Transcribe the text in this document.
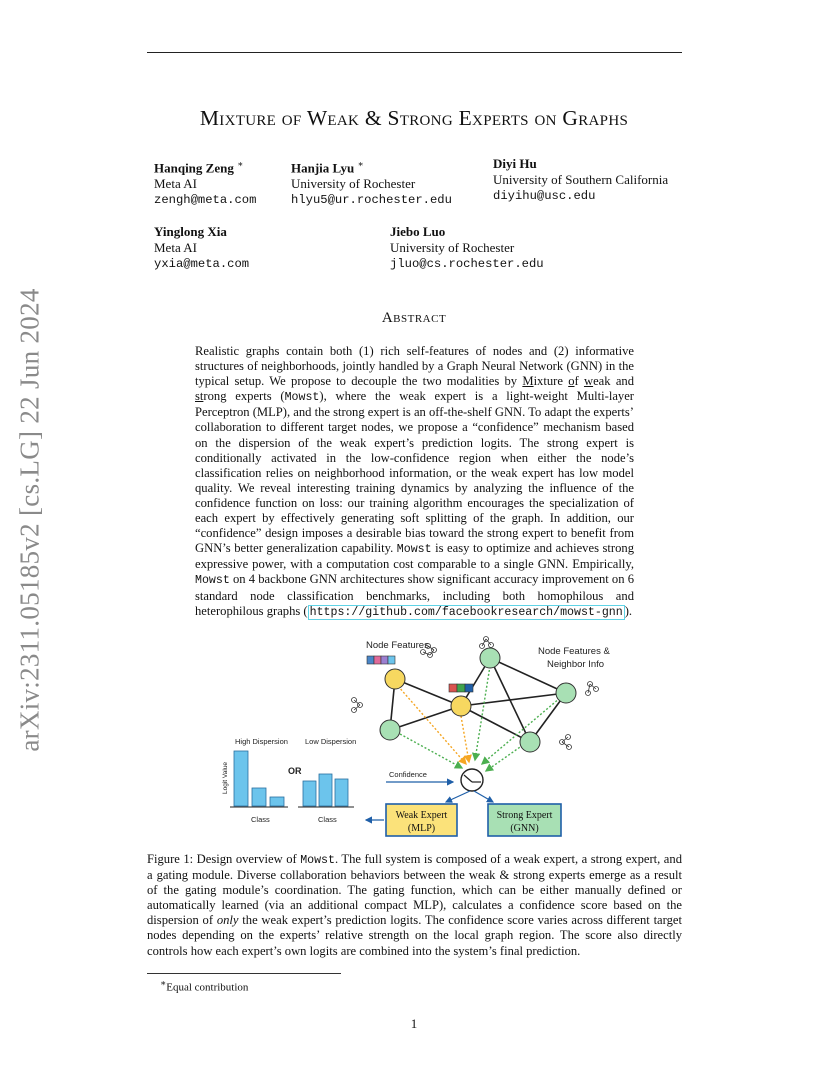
Mixture of Weak & Strong Experts on Graphs
Hanqing Zeng ∗
Meta AI
zengh@meta.com
Hanjia Lyu ∗
University of Rochester
hlyu5@ur.rochester.edu
Diyi Hu
University of Southern California
diyihu@usc.edu
Yinglong Xia
Meta AI
yxia@meta.com
Jiebo Luo
University of Rochester
jluo@cs.rochester.edu
arXiv:2311.05185v2 [cs.LG] 22 Jun 2024	Abstract
Realistic graphs contain both (1) rich self-features of nodes and (2) informative structures of neighborhoods, jointly handled by a Graph Neural Network (GNN) in the typical setup. We propose to decouple the two modalities by Mixture of weak and strong experts (Mowst), where the weak expert is a light-weight Multi-layer Perceptron (MLP), and the strong expert is an off-the-shelf GNN. To adapt the experts’ collaboration to different target nodes, we propose a “confidence” mechanism based on the dispersion of the weak expert’s prediction logits. The strong expert is conditionally activated in the low-confidence region when either the node’s classification relies on neighborhood information, or the weak expert has low model quality. We reveal interesting training dynamics by analyzing the influence of the confidence function on loss: our training algorithm encourages the specialization of each expert by effectively generating soft splitting of the graph. In addition, our “confidence” design imposes a desirable bias toward the strong expert to benefit from GNN’s better generalization capability. Mowst is easy to optimize and achieves strong expressive power, with a computation cost comparable to a single GNN. Empirically, Mowst on 4 backbone GNN architectures show significant accuracy improvement on 6 standard node classification benchmarks, including both homophilous and heterophilous graphs ( https://github.com/facebookresearch/mowst-gnn ).
Node Features
Node Features &
Neighbor Info
High Dispersion Low Dispersion
Logit Value	OR
Class	Class
Confidence
Weak Expert
(MLP)
Strong Expert
(GNN)
Figure 1: Design overview of Mowst. The full system is composed of a weak expert, a strong expert, and a gating module. Diverse collaboration behaviors between the weak & strong experts emerge as a result of the gating module’s coordination. The gating function, which can be either manually defined or automatically learned (via an additional compact MLP), calculates a confidence score based on the dispersion of only the weak expert’s prediction logits. The confidence score varies across different target nodes depending on the experts’ relative strength on the local graph region. The score also directly controls how each expert’s own logits are combined into the system’s final prediction.
∗Equal contribution
1
